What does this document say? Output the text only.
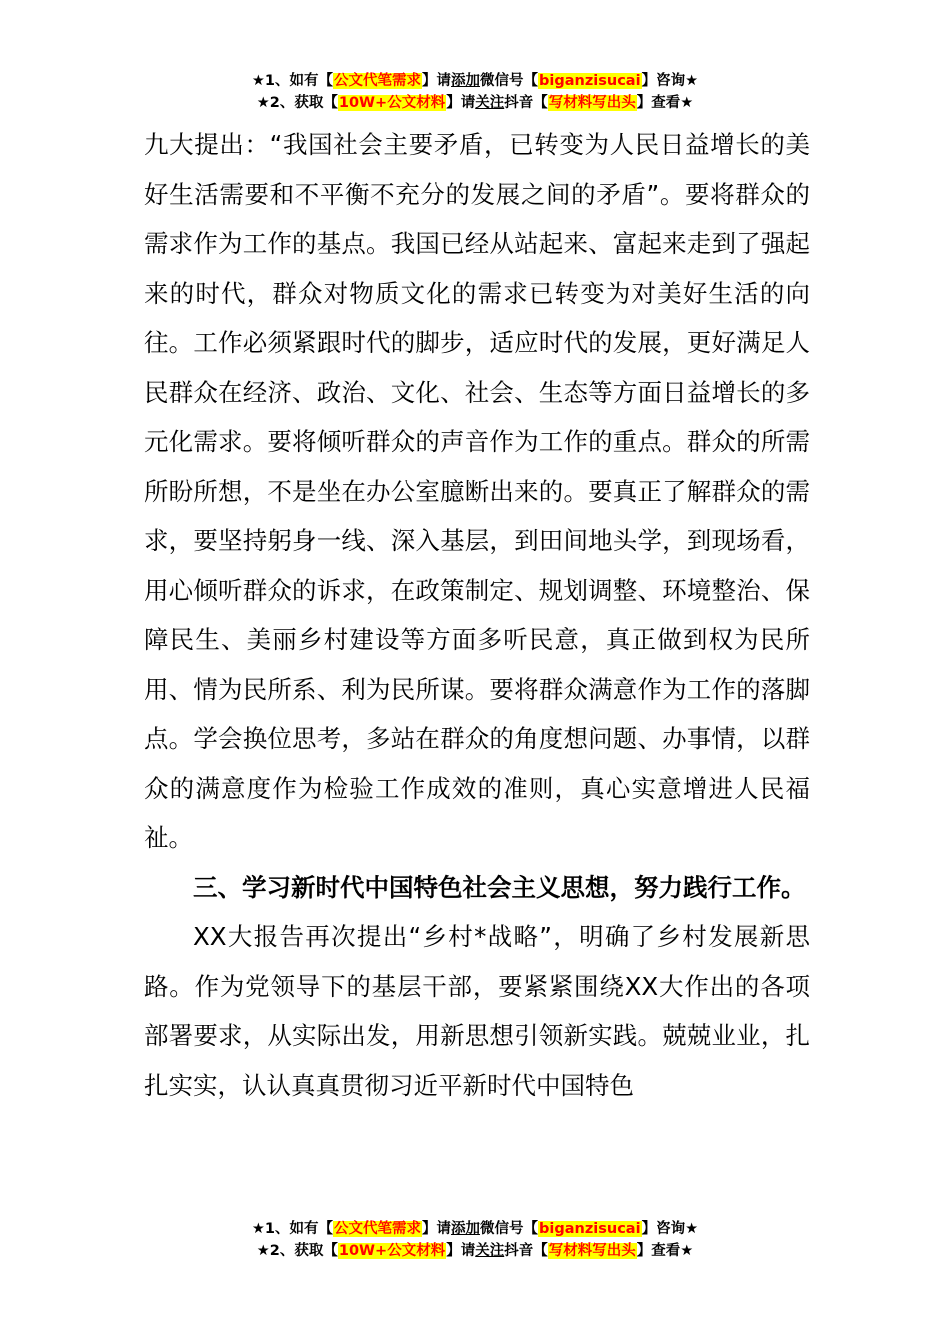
★1、如有【公文代笔需求】请添加微信号【biganzisucai】咨询★
★2、获取【10W+公文材料】请关注抖音【写材料写出头】查看★

九大提出：“我国社会主要矛盾，已转变为人民日益增长的美好生活需要和不平衡不充分的发展之间的矛盾”。要将群众的需求作为工作的基点。我国已经从站起来、富起来走到了强起来的时代，群众对物质文化的需求已转变为对美好生活的向往。工作必须紧跟时代的脚步，适应时代的发展，更好满足人民群众在经济、政治、文化、社会、生态等方面日益增长的多元化需求。要将倾听群众的声音作为工作的重点。群众的所需所盼所想，不是坐在办公室臆断出来的。要真正了解群众的需求，要坚持躬身一线、深入基层，到田间地头学，到现场看，用心倾听群众的诉求，在政策制定、规划调整、环境整治、保障民生、美丽乡村建设等方面多听民意，真正做到权为民所用、情为民所系、利为民所谋。要将群众满意作为工作的落脚点。学会换位思考，多站在群众的角度想问题、办事情，以群众的满意度作为检验工作成效的准则，真心实意增进人民福祉。

三、学习新时代中国特色社会主义思想，努力践行工作。

XX大报告再次提出“乡村*战略”，明确了乡村发展新思路。作为党领导下的基层干部，要紧紧围绕XX大作出的各项部署要求，从实际出发，用新思想引领新实践。兢兢业业，扎扎实实，认认真真贯彻习近平新时代中国特色

★1、如有【公文代笔需求】请添加微信号【biganzisucai】咨询★
★2、获取【10W+公文材料】请关注抖音【写材料写出头】查看★
